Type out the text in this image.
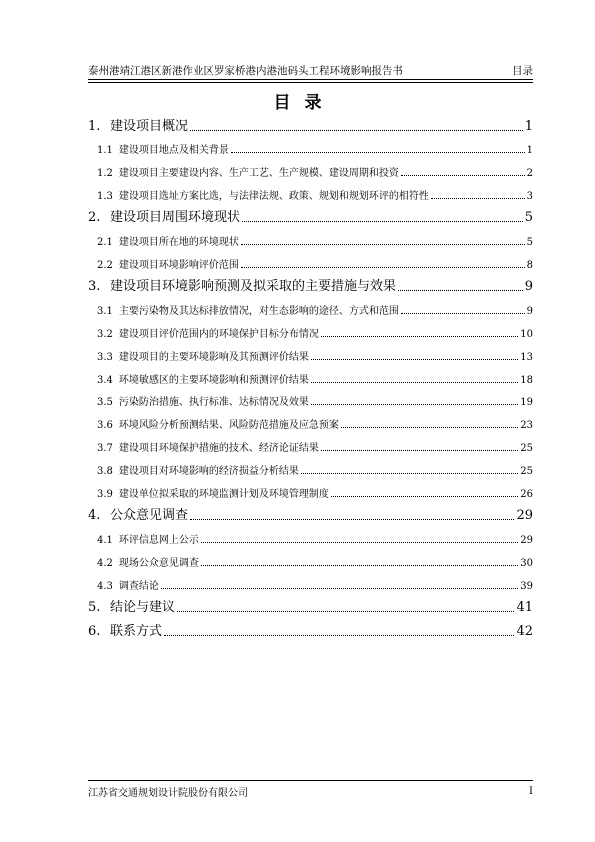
泰州港靖江港区新港作业区罗家桥港内港池码头工程环境影响报告书	目录
目录
1. 建设项目概况	1
1.1 建设项目地点及相关背景	1
1.2 建设项目主要建设内容、生产工艺、生产规模、建设周期和投资	2
1.3 建设项目选址方案比选，与法律法规、政策、规划和规划环评的相符性	3
2. 建设项目周围环境现状	5
2.1 建设项目所在地的环境现状	5
2.2 建设项目环境影响评价范围	8
3. 建设项目环境影响预测及拟采取的主要措施与效果	9
3.1 主要污染物及其达标排放情况，对生态影响的途径、方式和范围	9
3.2 建设项目评价范围内的环境保护目标分布情况	10
3.3 建设项目的主要环境影响及其预测评价结果	13
3.4 环境敏感区的主要环境影响和预测评价结果	18
3.5 污染防治措施、执行标准、达标情况及效果	19
3.6 环境风险分析预测结果、风险防范措施及应急预案	23
3.7 建设项目环境保护措施的技术、经济论证结果	25
3.8 建设项目对环境影响的经济损益分析结果	25
3.9 建设单位拟采取的环境监测计划及环境管理制度	26
4. 公众意见调查	29
4.1 环评信息网上公示	29
4.2 现场公众意见调查	30
4.3 调查结论	39
5. 结论与建议	41
6. 联系方式	42
江苏省交通规划设计院股份有限公司	I
